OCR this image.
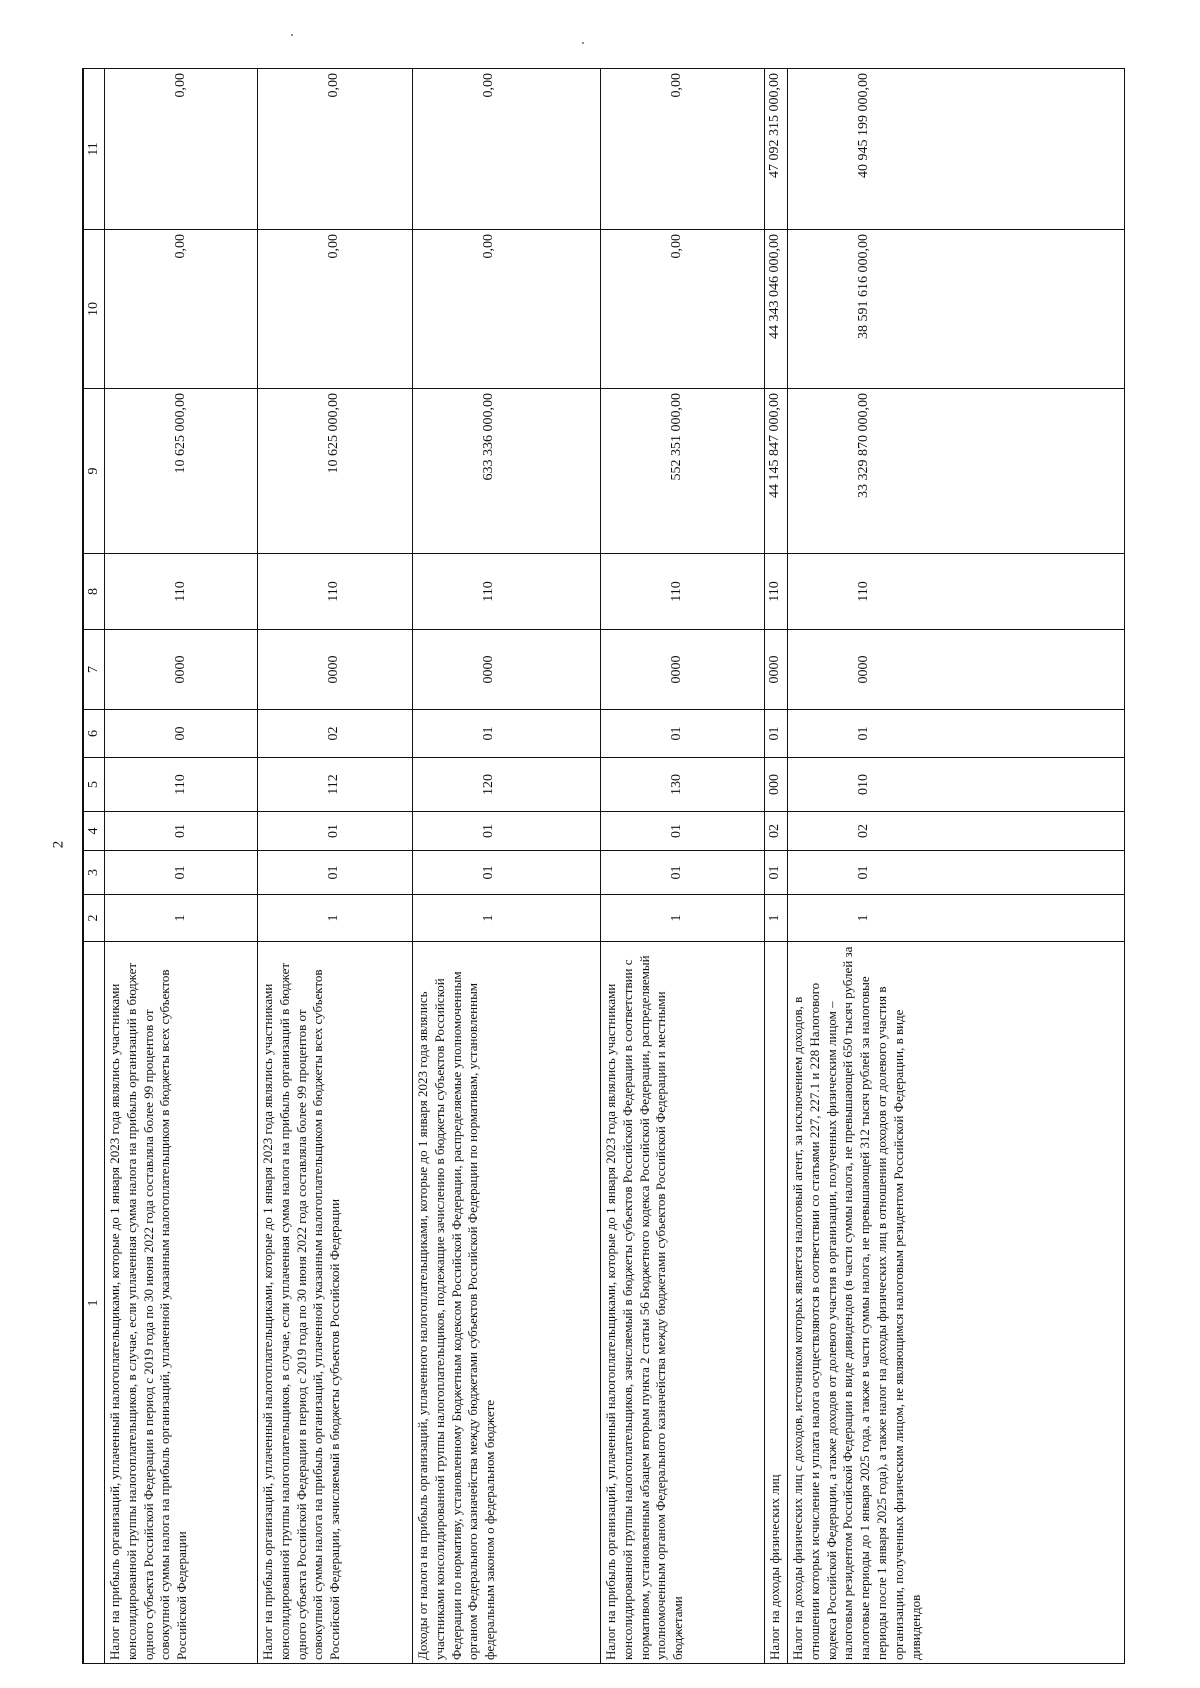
2
1	2	3	4	5	6	7	8	9	10	11
Налог на прибыль организаций, уплаченный налогоплательщиками, которые до 1 января 2023 года являлись участниками консолидированной группы налогоплательщиков, в случае, если уплаченная сумма налога на прибыль организаций в бюджет одного субъекта Российской Федерации в период с 2019 года по 30 июня 2022 года составляла более 99 процентов от совокупной суммы налога на прибыль организаций, уплаченной указанным налогоплательщиком в бюджеты всех субъектов Российской Федерации	1	01	01	110	00	0000	110	10 625 000,00	0,00	0,00
Налог на прибыль организаций, уплаченный налогоплательщиками, которые до 1 января 2023 года являлись участниками консолидированной группы налогоплательщиков, в случае, если уплаченная сумма налога на прибыль организаций в бюджет одного субъекта Российской Федерации в период с 2019 года по 30 июня 2022 года составляла более 99 процентов от совокупной суммы налога на прибыль организаций, уплаченной указанным налогоплательщиком в бюджеты всех субъектов Российской Федерации, зачисляемый в бюджеты субъектов Российской Федерации	1	01	01	112	02	0000	110	10 625 000,00	0,00	0,00
Доходы от налога на прибыль организаций, уплаченного налогоплательщиками, которые до 1 января 2023 года являлись участниками консолидированной группы налогоплательщиков, подлежащие зачислению в бюджеты субъектов Российской Федерации по нормативу, установленному Бюджетным кодексом Российской Федерации, распределяемые уполномоченным органом Федерального казначейства между бюджетами субъектов Российской Федерации по нормативам, установленным федеральным законом о федеральном бюджете	1	01	01	120	01	0000	110	633 336 000,00	0,00	0,00
Налог на прибыль организаций, уплаченный налогоплательщиками, которые до 1 января 2023 года являлись участниками консолидированной группы налогоплательщиков, зачисляемый в бюджеты субъектов Российской Федерации в соответствии с нормативом, установленным абзацем вторым пункта 2 статьи 56 Бюджетного кодекса Российской Федерации, распределяемый уполномоченным органом Федерального казначейства между бюджетами субъектов Российской Федерации и местными бюджетами	1	01	01	130	01	0000	110	552 351 000,00	0,00	0,00
Налог на доходы физических лиц	1	01	02	000	01	0000	110	44 145 847 000,00	44 343 046 000,00	47 092 315 000,00
Налог на доходы физических лиц с доходов, источником которых является налоговый агент, за исключением доходов, в отношении которых исчисление и уплата налога осуществляются в соответствии со статьями 227, 227.1 и 228 Налогового кодекса Российской Федерации, а также доходов от долевого участия в организации, полученных физическим лицом – налоговым резидентом Российской Федерации в виде дивидендов (в части суммы налога, не превышающей 650 тысяч рублей за налоговые периоды до 1 января 2025 года, а также в части суммы налога, не превышающей 312 тысяч рублей за налоговые периоды после 1 января 2025 года), а также налог на доходы физических лиц в отношении доходов от долевого участия в организации, полученных физическим лицом, не являющимся налоговым резидентом Российской Федерации, в виде дивидендов	1	01	02	010	01	0000	110	33 329 870 000,00	38 591 616 000,00	40 945 199 000,00
